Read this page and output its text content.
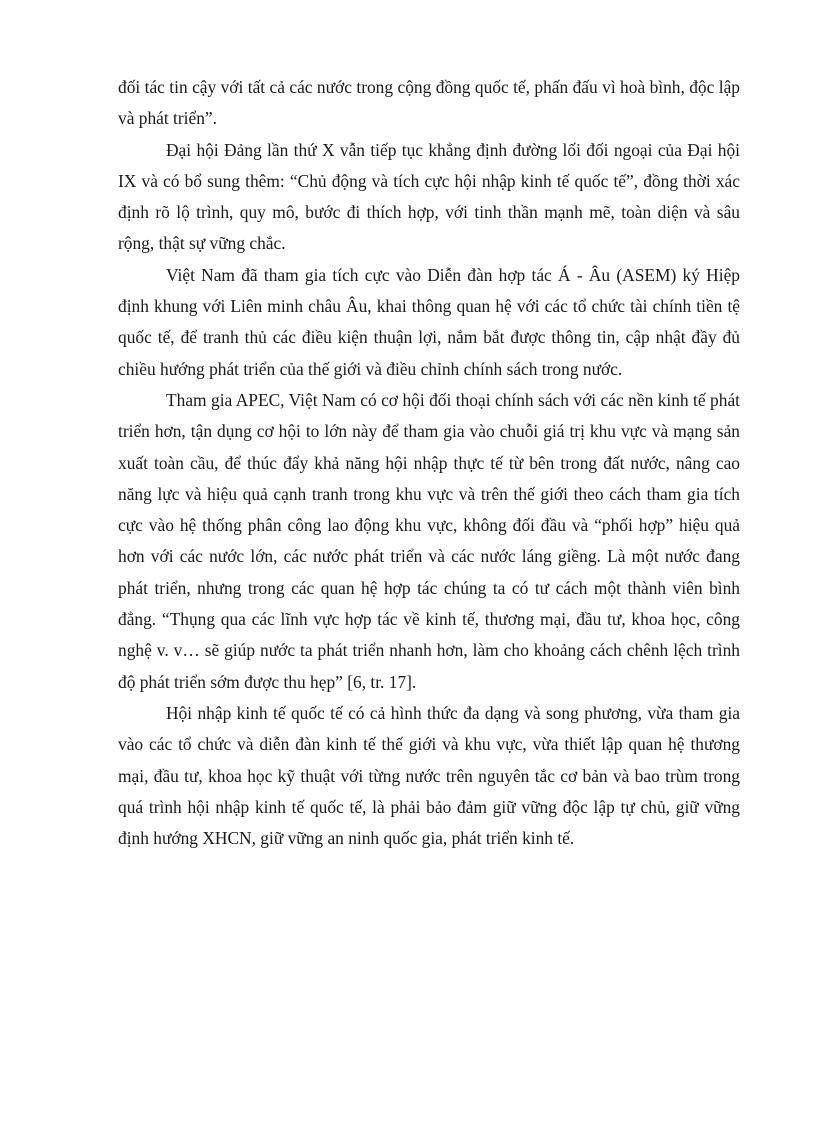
đối tác tin cậy với tất cả các nước trong cộng đồng quốc tế, phấn đấu vì hoà bình, độc lập và phát triển”.

Đại hội Đảng lần thứ X vẫn tiếp tục khẳng định đường lối đối ngoại của Đại hội IX và có bổ sung thêm: “Chủ động và tích cực hội nhập kinh tế quốc tế”, đồng thời xác định rõ lộ trình, quy mô, bước đi thích hợp, với tinh thần mạnh mẽ, toàn diện và sâu rộng, thật sự vững chắc.

Việt Nam đã tham gia tích cực vào Diễn đàn hợp tác Á - Âu (ASEM) ký Hiệp định khung với Liên minh châu Âu, khai thông quan hệ với các tổ chức tài chính tiền tệ quốc tế, để tranh thủ các điều kiện thuận lợi, nắm bắt được thông tin, cập nhật đầy đủ chiều hướng phát triển của thế giới và điều chỉnh chính sách trong nước.

Tham gia APEC, Việt Nam có cơ hội đối thoại chính sách với các nền kinh tế phát triển hơn, tận dụng cơ hội to lớn này để tham gia vào chuỗi giá trị khu vực và mạng sản xuất toàn cầu, để thúc đẩy khả năng hội nhập thực tế từ bên trong đất nước, nâng cao năng lực và hiệu quả cạnh tranh trong khu vực và trên thế giới theo cách tham gia tích cực vào hệ thống phân công lao động khu vực, không đối đầu và “phối hợp” hiệu quả hơn với các nước lớn, các nước phát triển và các nước láng giềng. Là một nước đang phát triển, nhưng trong các quan hệ hợp tác chúng ta có tư cách một thành viên bình đẳng. “Thụng qua các lĩnh vực hợp tác về kinh tế, thương mại, đầu tư, khoa học, công nghệ v. v… sẽ giúp nước ta phát triển nhanh hơn, làm cho khoảng cách chênh lệch trình độ phát triển sớm được thu hẹp” [6, tr. 17].

Hội nhập kinh tế quốc tế có cả hình thức đa dạng và song phương, vừa tham gia vào các tổ chức và diễn đàn kinh tế thế giới và khu vực, vừa thiết lập quan hệ thương mại, đầu tư, khoa học kỹ thuật với từng nước trên nguyên tắc cơ bản và bao trùm trong quá trình hội nhập kinh tế quốc tế, là phải bảo đảm giữ vững độc lập tự chủ, giữ vững định hướng XHCN, giữ vững an ninh quốc gia, phát triển kinh tế.
